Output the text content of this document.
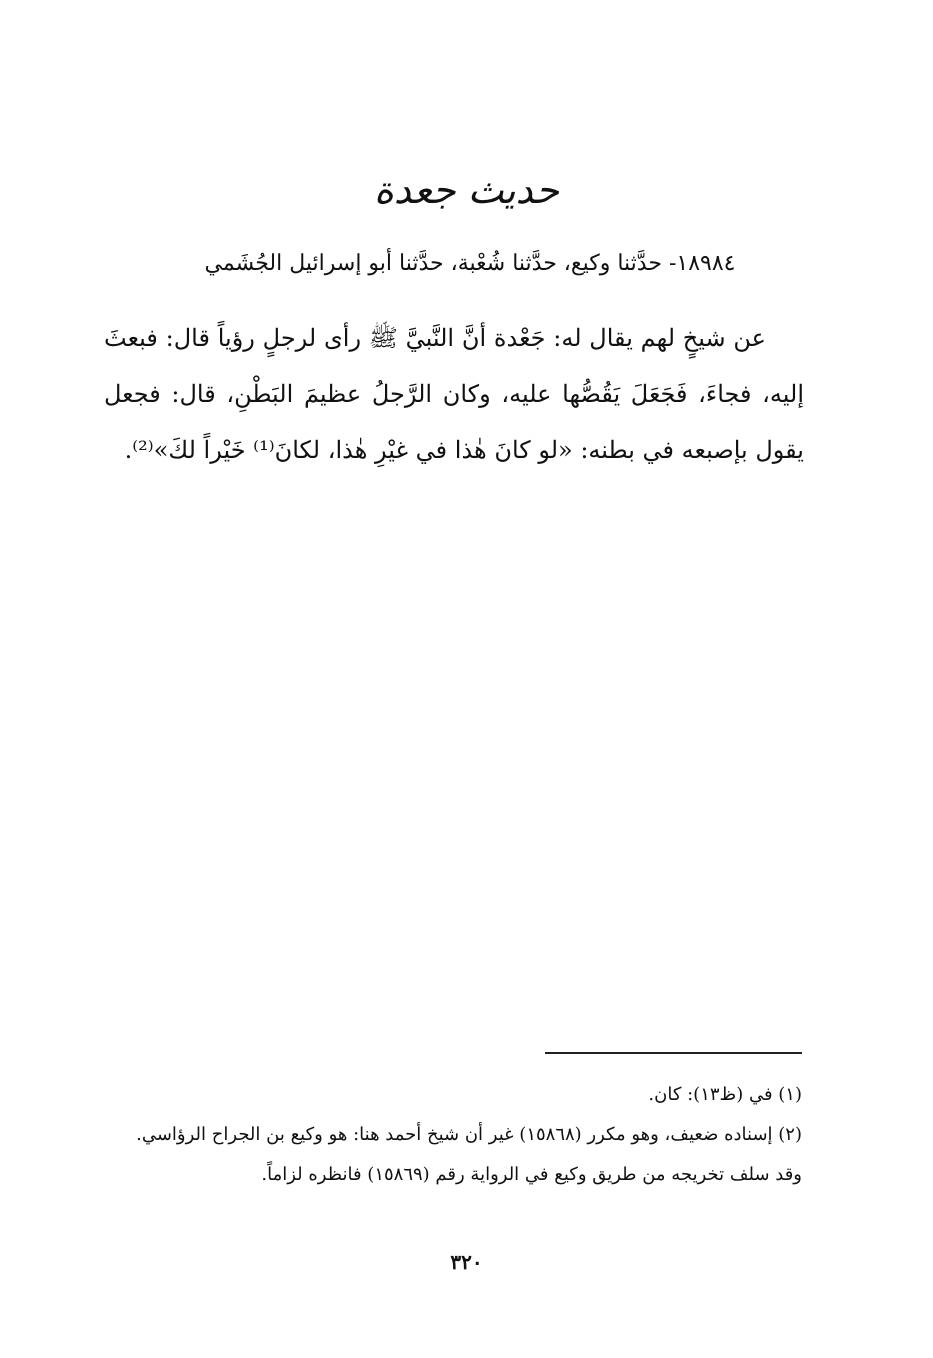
حديث جعدة
١٨٩٨٤- حدَّثنا وكيع، حدَّثنا شُعْبة، حدَّثنا أبو إسرائيل الجُشَمي
عن شيخٍ لهم يقال له: جَعْدة أنَّ النَّبيَّ ﷺ رأى لرجلٍ رؤياً قال: فبعثَ إليه، فجاءَ، فَجَعَلَ يَقُصُّها عليه، وكان الرَّجلُ عظيمَ البَطْنِ، قال: فجعل يقول بإصبعه في بطنه: «لو كانَ هٰذا في غيْرِ هٰذا، لكانَ⁽¹⁾ خَيْراً لكَ»⁽²⁾.

(١) في (ظ١٣): كان.

(٢) إسناده ضعيف، وهو مكرر (١٥٨٦٨) غير أن شيخ أحمد هنا: هو وكيع بن الجراح الرؤاسي.

وقد سلف تخريجه من طريق وكيع في الرواية رقم (١٥٨٦٩) فانظره لزاماً.

٣٢٠
